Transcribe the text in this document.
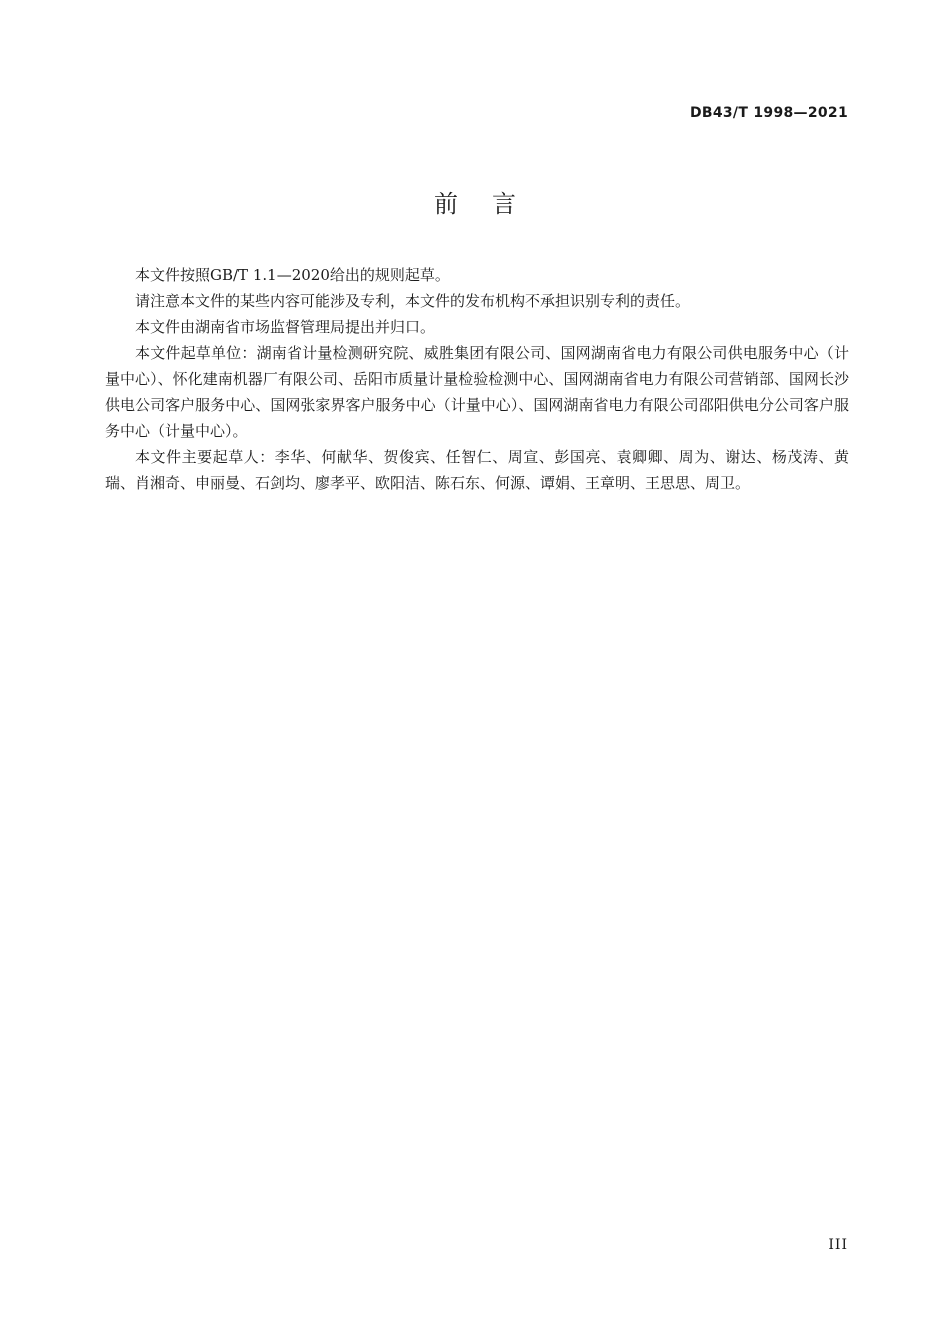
DB43/T 1998—2021
前言

本文件按照GB/T 1.1—2020给出的规则起草。

请注意本文件的某些内容可能涉及专利，本文件的发布机构不承担识别专利的责任。

本文件由湖南省市场监督管理局提出并归口。

本文件起草单位：湖南省计量检测研究院、威胜集团有限公司、国网湖南省电力有限公司供电服务中心（计量中心）、怀化建南机器厂有限公司、岳阳市质量计量检验检测中心、国网湖南省电力有限公司营销部、国网长沙供电公司客户服务中心、国网张家界客户服务中心（计量中心）、国网湖南省电力有限公司邵阳供电分公司客户服务中心（计量中心）。

本文件主要起草人：李华、何献华、贺俊宾、任智仁、周宣、彭国亮、袁卿卿、周为、谢达、杨茂涛、黄瑞、肖湘奇、申丽曼、石剑均、廖孝平、欧阳洁、陈石东、何源、谭娟、王章明、王思思、周卫。

III
